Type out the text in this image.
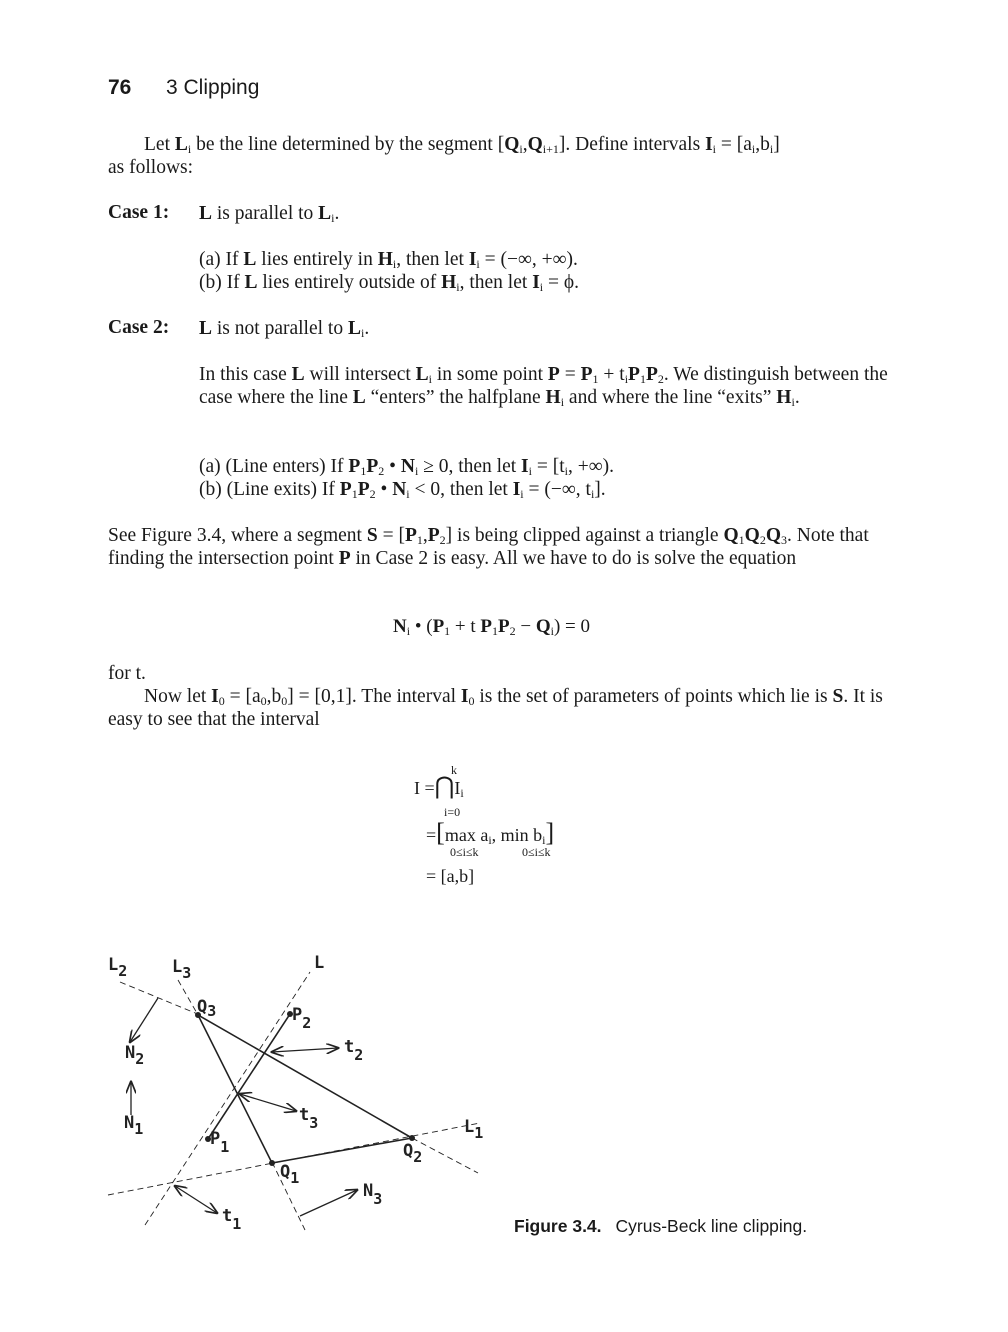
76 3 Clipping
Let $L_i$ be the line determined by the segment $[Q_i,Q_{i+1}]$. Define intervals $I_i = [a_i,b_i]$
as follows:
Case 1: L is parallel to $L_i$.
(a) If L lies entirely in $H_i$, then let $I_i$ = (−∞, +∞).
(b) If L lies entirely outside of $H_i$, then let $I_i = \phi$.
Case 2: L is not parallel to $L_i$.
In this case L will intersect $L_i$ in some point $P = P_1 + t_iP_1P_2$. We distinguish between the case where the line L “enters” the halfplane $H_i$ and where the line “exits” $H_i$.
(a) (Line enters) If $P_1P_2$ • $N_i \ge 0$, then let $I_i = [t_i$, +∞).
(b) (Line exits) If $P_1P_2$ • $N_i < 0$, then let $I_i$ = (−∞, $t_i$].
See Figure 3.4, where a segment $S = [P_1,P_2]$ is being clipped against a triangle $Q_1Q_2Q_3$. Note that finding the intersection point P in Case 2 is easy. All we have to do is solve the equation
$N_i$ • ($P_1 + t$ $P_1P_2 - Q_i) = 0$
for t.
Now let $I_0 = [a_0,b_0] = [0,1]$. The interval $I_0$ is the set of parameters of points which lie is S. It is easy to see that the interval
k
$I =⋂I_i$
i=0
=[max $a_i$, $\min b_i$]
0≤i≤k	0≤i≤k
= [a,b]
L2	L3	L
Q3	P2
t2
N2
t3
N1	P1
L1
Q2
Q1
N3
t1	Figure 3.4. Cyrus-Beck line clipping.
